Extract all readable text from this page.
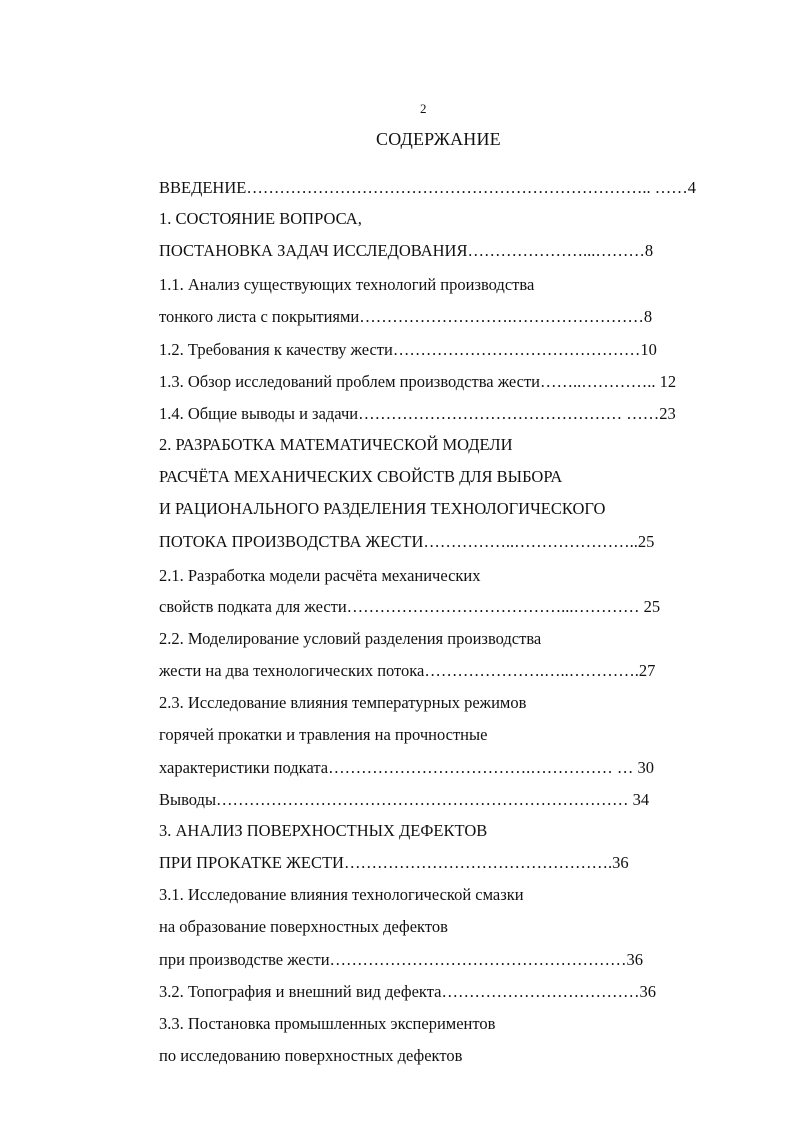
2
СОДЕРЖАНИЕ
ВВЕДЕНИЕ……………………………………………………………….. ……4
1. СОСТОЯНИЕ ВОПРОСА,
ПОСТАНОВКА ЗАДАЧ ИССЛЕДОВАНИЯ…………………...………8
1.1. Анализ существующих технологий производства
тонкого листа с покрытиями……………………….……………………8
1.2. Требования к качеству жести………………………………………10
1.3. Обзор исследований проблем производства жести……..………….. 12
1.4. Общие выводы и задачи………………………………………… ……23
2. РАЗРАБОТКА МАТЕМАТИЧЕСКОЙ МОДЕЛИ
РАСЧЁТА МЕХАНИЧЕСКИХ СВОЙСТВ ДЛЯ ВЫБОРА
И РАЦИОНАЛЬНОГО РАЗДЕЛЕНИЯ ТЕХНОЛОГИЧЕСКОГО
ПОТОКА ПРОИЗВОДСТВА ЖЕСТИ……………..…………………..25
2.1. Разработка модели расчёта механических
свойств подката для жести…………………………………...………… 25
2.2. Моделирование условий разделения производства
жести на два технологических потока………………….…..………….27
2.3. Исследование влияния температурных режимов
горячей прокатки и травления на прочностные
характеристики подката……………………………….…………… … 30
Выводы………………………………………………………………… 34
3. АНАЛИЗ ПОВЕРХНОСТНЫХ ДЕФЕКТОВ
ПРИ ПРОКАТКЕ ЖЕСТИ………………………………………….36
3.1. Исследование влияния технологической смазки
на образование поверхностных дефектов
при производстве жести………………………………………………36
3.2. Топография и внешний вид дефекта………………………………36
3.3. Постановка промышленных экспериментов
по исследованию поверхностных дефектов
